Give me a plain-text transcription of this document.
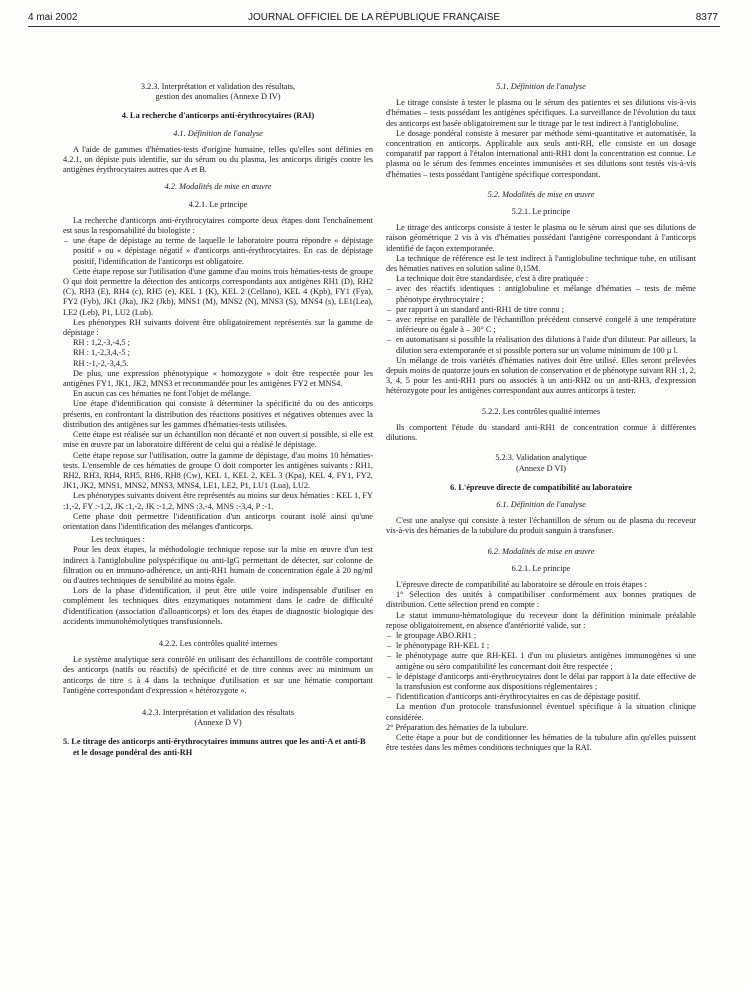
4 mai 2002	JOURNAL OFFICIEL DE LA RÉPUBLIQUE FRANÇAISE	8377
3.2.3. Interprétation et validation des résultats,
gestion des anomalies (Annexe D IV)
4. La recherche d'anticorps anti-érythrocytaires (RAI)
4.1. Définition de l'analyse

A l'aide de gammes d'hématies-tests d'origine humaine, telles qu'elles sont définies en 4.2.1, on dépiste puis identifie, sur du sérum ou du plasma, les anticorps dirigés contre les antigènes érythrocytaires autres que A et B.

4.2. Modalités de mise en œuvre
4.2.1. Le principe

La recherche d'anticorps anti-érythrocytaires comporte deux étapes dont l'enchaînement est sous la responsabilité du biologiste :

– une étape de dépistage au terme de laquelle le laboratoire pourra répondre « dépistage positif » ou « dépistage négatif » d'anticorps anti-érythrocytaires. En cas de dépistage positif, l'identification de l'anticorps est obligatoire.

Cette étape repose sur l'utilisation d'une gamme d'au moins trois hématies-tests de groupe O qui doit permettre la détection des anticorps correspondants aux antigènes RH1 (D), RH2 (C), RH3 (E), RH4 (c), RH5 (e), KEL 1 (K), KEL 2 (Cellano), KEL 4 (Kpb), FY1 (Fya), FY2 (Fyb), JK1 (Jka), JK2 (Jkb), MNS1 (M), MNS2 (N), MNS3 (S), MNS4 (s), LE1(Lea), LE2 (Leb), P1, LU2 (Lub).

Les phénotypes RH suivants doivent être obligatoirement représentés sur la gamme de dépistage :

RH : 1,2,-3,-4,5 ;
RH : 1,-2,3,4,-5 ;
RH :-1,-2,-3,4,5.

De plus, une expression phénotypique « homozygote » doit être respectée pour les antigènes FY1, JK1, JK2, MNS3 et recommandée pour les antigènes FY2 et MNS4.

En aucun cas ces hématies ne font l'objet de mélange.

Une étape d'identification qui consiste à déterminer la spécificité du ou des anticorps présents, en confrontant la distribution des réactions positives et négatives obtenues avec la distribution des antigènes sur les gammes d'hématies-tests utilisées.

Cette étape est réalisée sur un échantillon non décanté et non ouvert si possible, si elle est mise en œuvre par un laboratoire différent de celui qui a réalisé le dépistage.

Cette étape repose sur l'utilisation, outre la gamme de dépistage, d'au moins 10 hématies-tests. L'ensemble de ces hématies de groupe O doit comporter les antigènes suivants : RH1, RH2, RH3, RH4, RH5, RH6, RH8 (Cw), KEL 1, KEL 2, KEL 3 (Kpa), KEL 4, FY1, FY2, JK1, JK2, MNS1, MNS2, MNS3, MNS4, LE1, LE2, P1, LU1 (Lua), LU2.

Les phénotypes suivants doivent être représentés au moins sur deux hématies : KEL 1, FY :1,-2, FY :-1,2, JK :1,-2, JK :-1,2, MNS :3,-4, MNS :-3,4, P :-1.

Cette phase doit permettre l'identification d'un anticorps courant isolé ainsi qu'une orientation dans l'identification des mélanges d'anticorps.

Les techniques :

Pour les deux étapes, la méthodologie technique repose sur la mise en œuvre d'un test indirect à l'antiglobuline polyspécifique ou anti-IgG permettant de détecter, sur colonne de filtration ou en immuno-adhérence, un anti-RH1 humain de concentration égale à 20 ng/ml ou d'autres techniques de sensibilité au moins égale.

Lors de la phase d'identification, il peut être utile voire indispensable d'utiliser en complément les techniques dites enzymatiques notamment dans le cadre de difficulté d'identification (association d'alloanticorps) et lors des étapes de diagnostic biologique des accidents immunohémolytiques transfusionnels.

4.2.2. Les contrôles qualité internes

Le système analytique sera contrôlé en utilisant des échantillons de contrôle comportant des anticorps (natifs ou réactifs) de spécificité et de titre connus avec au minimum un anticorps de titre ≤ à 4 dans la technique d'utilisation et sur une hématie comportant l'antigène correspondant d'expression « hétérozygote ».

4.2.3. Interprétation et validation des résultats
(Annexe D V)
5. Le titrage des anticorps anti-érythrocytaires immuns autres que les anti-A et anti-B et le dosage pondéral des anti-RH
5.1. Définition de l'analyse

Le titrage consiste à tester le plasma ou le sérum des patientes et ses dilutions vis-à-vis d'hématies – tests possédant les antigènes spécifiques. La surveillance de l'évolution du taux des anticorps est basée obligatoirement sur le titrage par le test indirect à l'antiglobuline.

Le dosage pondéral consiste à mesurer par méthode semi-quantitative et automatisée, la concentration en anticorps. Applicable aux seuls anti-RH, elle consiste en un dosage comparatif par rapport à l'étalon international anti-RH1 dont la concentration est connue. Le plasma ou le sérum des femmes enceintes immunisées et ses dilutions sont testés vis-à-vis d'hématies – tests possédant l'antigène spécifique correspondant.

5.2. Modalités de mise en œuvre
5.2.1. Le principe

Le titrage des anticorps consiste à tester le plasma ou le sérum ainsi que ses dilutions de raison géométrique 2 vis à vis d'hématies possédant l'antigène correspondant à l'anticorps identifié de façon extemporanée.

La technique de référence est le test indirect à l'antiglobuline technique tube, en utilisant des hématies natives en solution saline 0,15M.

La technique doit être standardisée, c'est à dire pratiquée :

– avec des réactifs identiques : antiglobuline et mélange d'hématies – tests de même phénotype érythrocytaire ;
– par rapport à un standard anti-RH1 de titre connu ;
– avec reprise en parallèle de l'échantillon précédent conservé congelé à une température inférieure ou égale à – 30° C ;
– en automatisant si possible la réalisation des dilutions à l'aide d'un diluteur. Par ailleurs, la dilution sera extemporanée et si possible portera sur un volume minimum de 100 µ l.

Un mélange de trois variétés d'hématies natives doit être utilisé. Elles seront prélevées depuis moins de quatorze jours en solution de conservation et de phénotype suivant RH :1, 2, 3, 4, 5 pour les anti-RH1 purs ou associés à un anti-RH2 ou un anti-RH3, d'expression hétérozygote pour les antigènes correspondant aux autres anticorps à tester.

5.2.2. Les contrôles qualité internes

Ils comportent l'étude du standard anti-RH1 de concentration connue à différentes dilutions.

5.2.3. Validation analytique
(Annexe D VI)
6. L'épreuve directe de compatibilité au laboratoire
6.1. Définition de l'analyse

C'est une analyse qui consiste à tester l'échantillon de sérum ou de plasma du receveur vis-à-vis des hématies de la tubulure du produit sanguin à transfuser.

6.2. Modalités de mise en œuvre
6.2.1. Le principe

L'épreuve directe de compatibilité au laboratoire se déroule en trois étapes :

1° Sélection des unités à compatibiliser conformément aux bonnes pratiques de distribution. Cette sélection prend en compte :

Le statut immuno-hématologique du receveur dont la définition minimale préalable repose obligatoirement, en absence d'antériorité valide, sur :

– le groupage ABO.RH1 ;
– le phénotypage RH-KEL 1 ;
– le phénotypage autre que RH-KEL 1 d'un ou plusieurs antigènes immunogènes si une antigène ou séro compatibilité les concernant doit être respectée ;
– le dépistage d'anticorps anti-érythrocytaires dont le délai par rapport à la date effective de la transfusion est conforme aux dispositions réglementaires ;
– l'identification d'anticorps anti-érythrocytaires en cas de dépistage positif.

La mention d'un protocole transfusionnel éventuel spécifique à la situation clinique considérée.

2° Préparation des hématies de la tubulure.

Cette étape a pour but de conditionner les hématies de la tubulure afin qu'elles puissent être testées dans les mêmes conditions techniques que la RAI.
